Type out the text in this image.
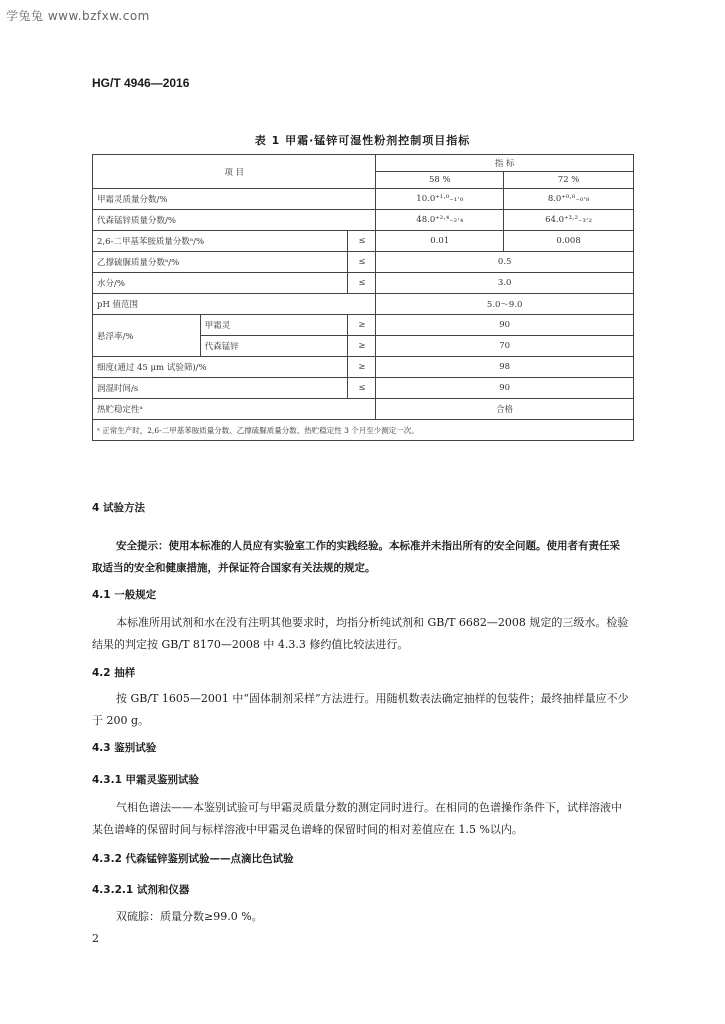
学兔兔 www.bzfxw.com
HG/T 4946—2016
表 1 甲霜·锰锌可湿性粉剂控制项目指标
项 目			指 标	
			58 %	72 %
甲霜灵质量分数/%			10.0⁺¹·⁰₋₁·₀	8.0⁺⁰·⁸₋₀·₈
代森锰锌质量分数/%			48.0⁺²·⁴₋₂·₄	64.0⁺³·²₋₃·₂
2,6-二甲基苯胺质量分数ᵃ/%		≤	0.01	0.008
乙撑硫脲质量分数ᵃ/%		≤	0.5	
水分/%		≤	3.0	
pH 值范围			5.0～9.0	
悬浮率/%	甲霜灵	≥	90	
	代森锰锌	≥	70	
细度(通过 45 μm 试验筛)/%		≥	98	
润湿时间/s		≤	90	
热贮稳定性ᵃ			合格	
ᵃ 正常生产时，2,6-二甲基苯胺质量分数、乙撑硫脲质量分数、热贮稳定性 3 个月至少测定一次。				
4 试验方法
安全提示：使用本标准的人员应有实验室工作的实践经验。本标准并未指出所有的安全问题。使用者有责任采取适当的安全和健康措施，并保证符合国家有关法规的规定。
4.1 一般规定
本标准所用试剂和水在没有注明其他要求时，均指分析纯试剂和 GB/T 6682—2008 规定的三级水。检验结果的判定按 GB/T 8170—2008 中 4.3.3 修约值比较法进行。
4.2 抽样
按 GB/T 1605—2001 中“固体制剂采样”方法进行。用随机数表法确定抽样的包装件；最终抽样量应不少于 200 g。
4.3 鉴别试验
4.3.1 甲霜灵鉴别试验
气相色谱法——本鉴别试验可与甲霜灵质量分数的测定同时进行。在相同的色谱操作条件下，试样溶液中某色谱峰的保留时间与标样溶液中甲霜灵色谱峰的保留时间的相对差值应在 1.5 %以内。
4.3.2 代森锰锌鉴别试验——点滴比色试验
4.3.2.1 试剂和仪器
双硫腙：质量分数≥99.0 %。
2
